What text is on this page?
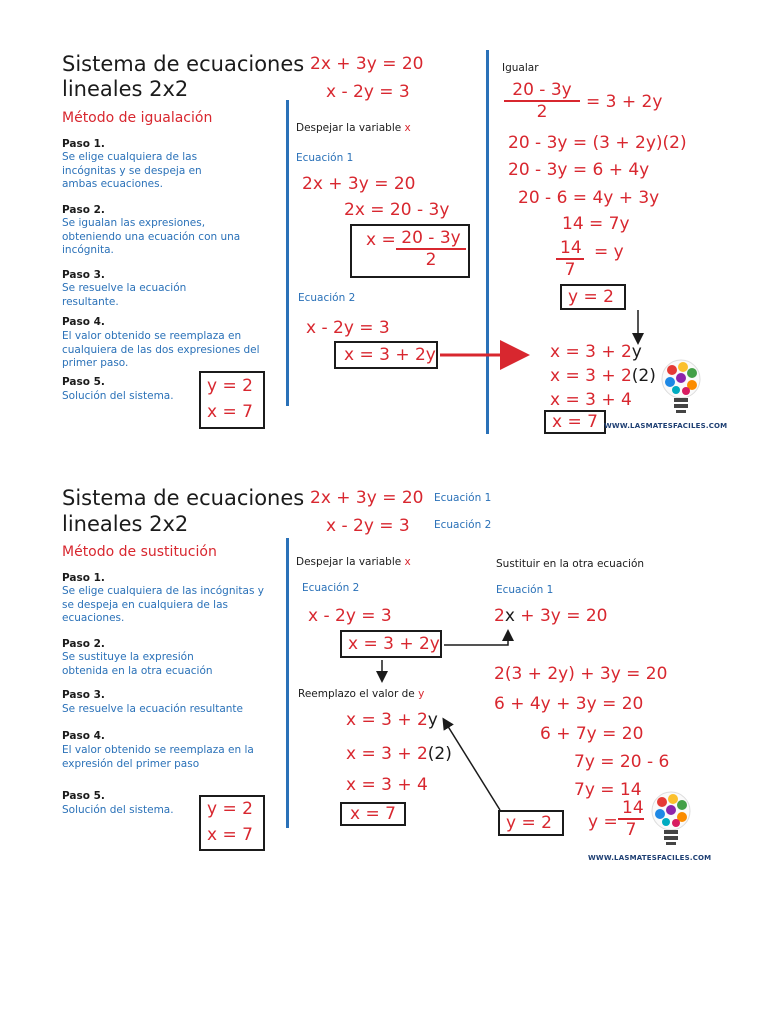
Sistema de ecuaciones
lineales 2x2
Método de igualación
2x + 3y = 20
x - 2y = 3
Paso 1.
Se elige cualquiera de las incógnitas y se despeja en ambas ecuaciones.
Paso 2.
Se igualan las expresiones, obteniendo una ecuación con una incógnita.
Paso 3.
Se resuelve la ecuación resultante.
Paso 4.
El valor obtenido se reemplaza en cualquiera de las dos expresiones del primer paso.
Paso 5.
Solución del sistema.	y = 2
x = 7
Despejar la variable x
Ecuación 1
2x + 3y = 20
2x = 20 - 3y
$x = \frac{20 - 3y}{2}$
Ecuación 2
x - 2y = 3
x = 3 + 2y
Igualar
$\frac{20 - 3y}{2} = 3 + 2y$
20 - 3y = (3 + 2y)(2)
20 - 3y = 6 + 4y
20 - 6 = 4y + 3y
14 = 7y
$\frac{14}{7} = y$
y = 2
x = 3 + 2y
x = 3 + 2(2)
x = 3 + 4
x = 7 WWW.LASMATESFACILES.COM
Sistema de ecuaciones
lineales 2x2
Método de sustitución
2x + 3y = 20 Ecuación 1
x - 2y = 3 Ecuación 2
Paso 1.
Se elige cualquiera de las incógnitas y se despeja en cualquiera de las ecuaciones.
Paso 2.
Se sustituye la expresión obtenida en la otra ecuación
Paso 3.
Se resuelve la ecuación resultante
Paso 4.
El valor obtenido se reemplaza en la expresión del primer paso
Paso 5.
Solución del sistema.	y = 2
x = 7
Despejar la variable x
Ecuación 2
x - 2y = 3
x = 3 + 2y
Reemplazo el valor de y
x = 3 + 2y
x = 3 + 2(2)
x = 3 + 4
x = 7
Sustituir en la otra ecuación
Ecuación 1
2x + 3y = 20
2(3 + 2y) + 3y = 20
6 + 4y + 3y = 20
6 + 7y = 20
7y = 20 - 6
7y = 14
$y = \frac{14}{7}$
y = 2
WWW.LASMATESFACILES.COM
